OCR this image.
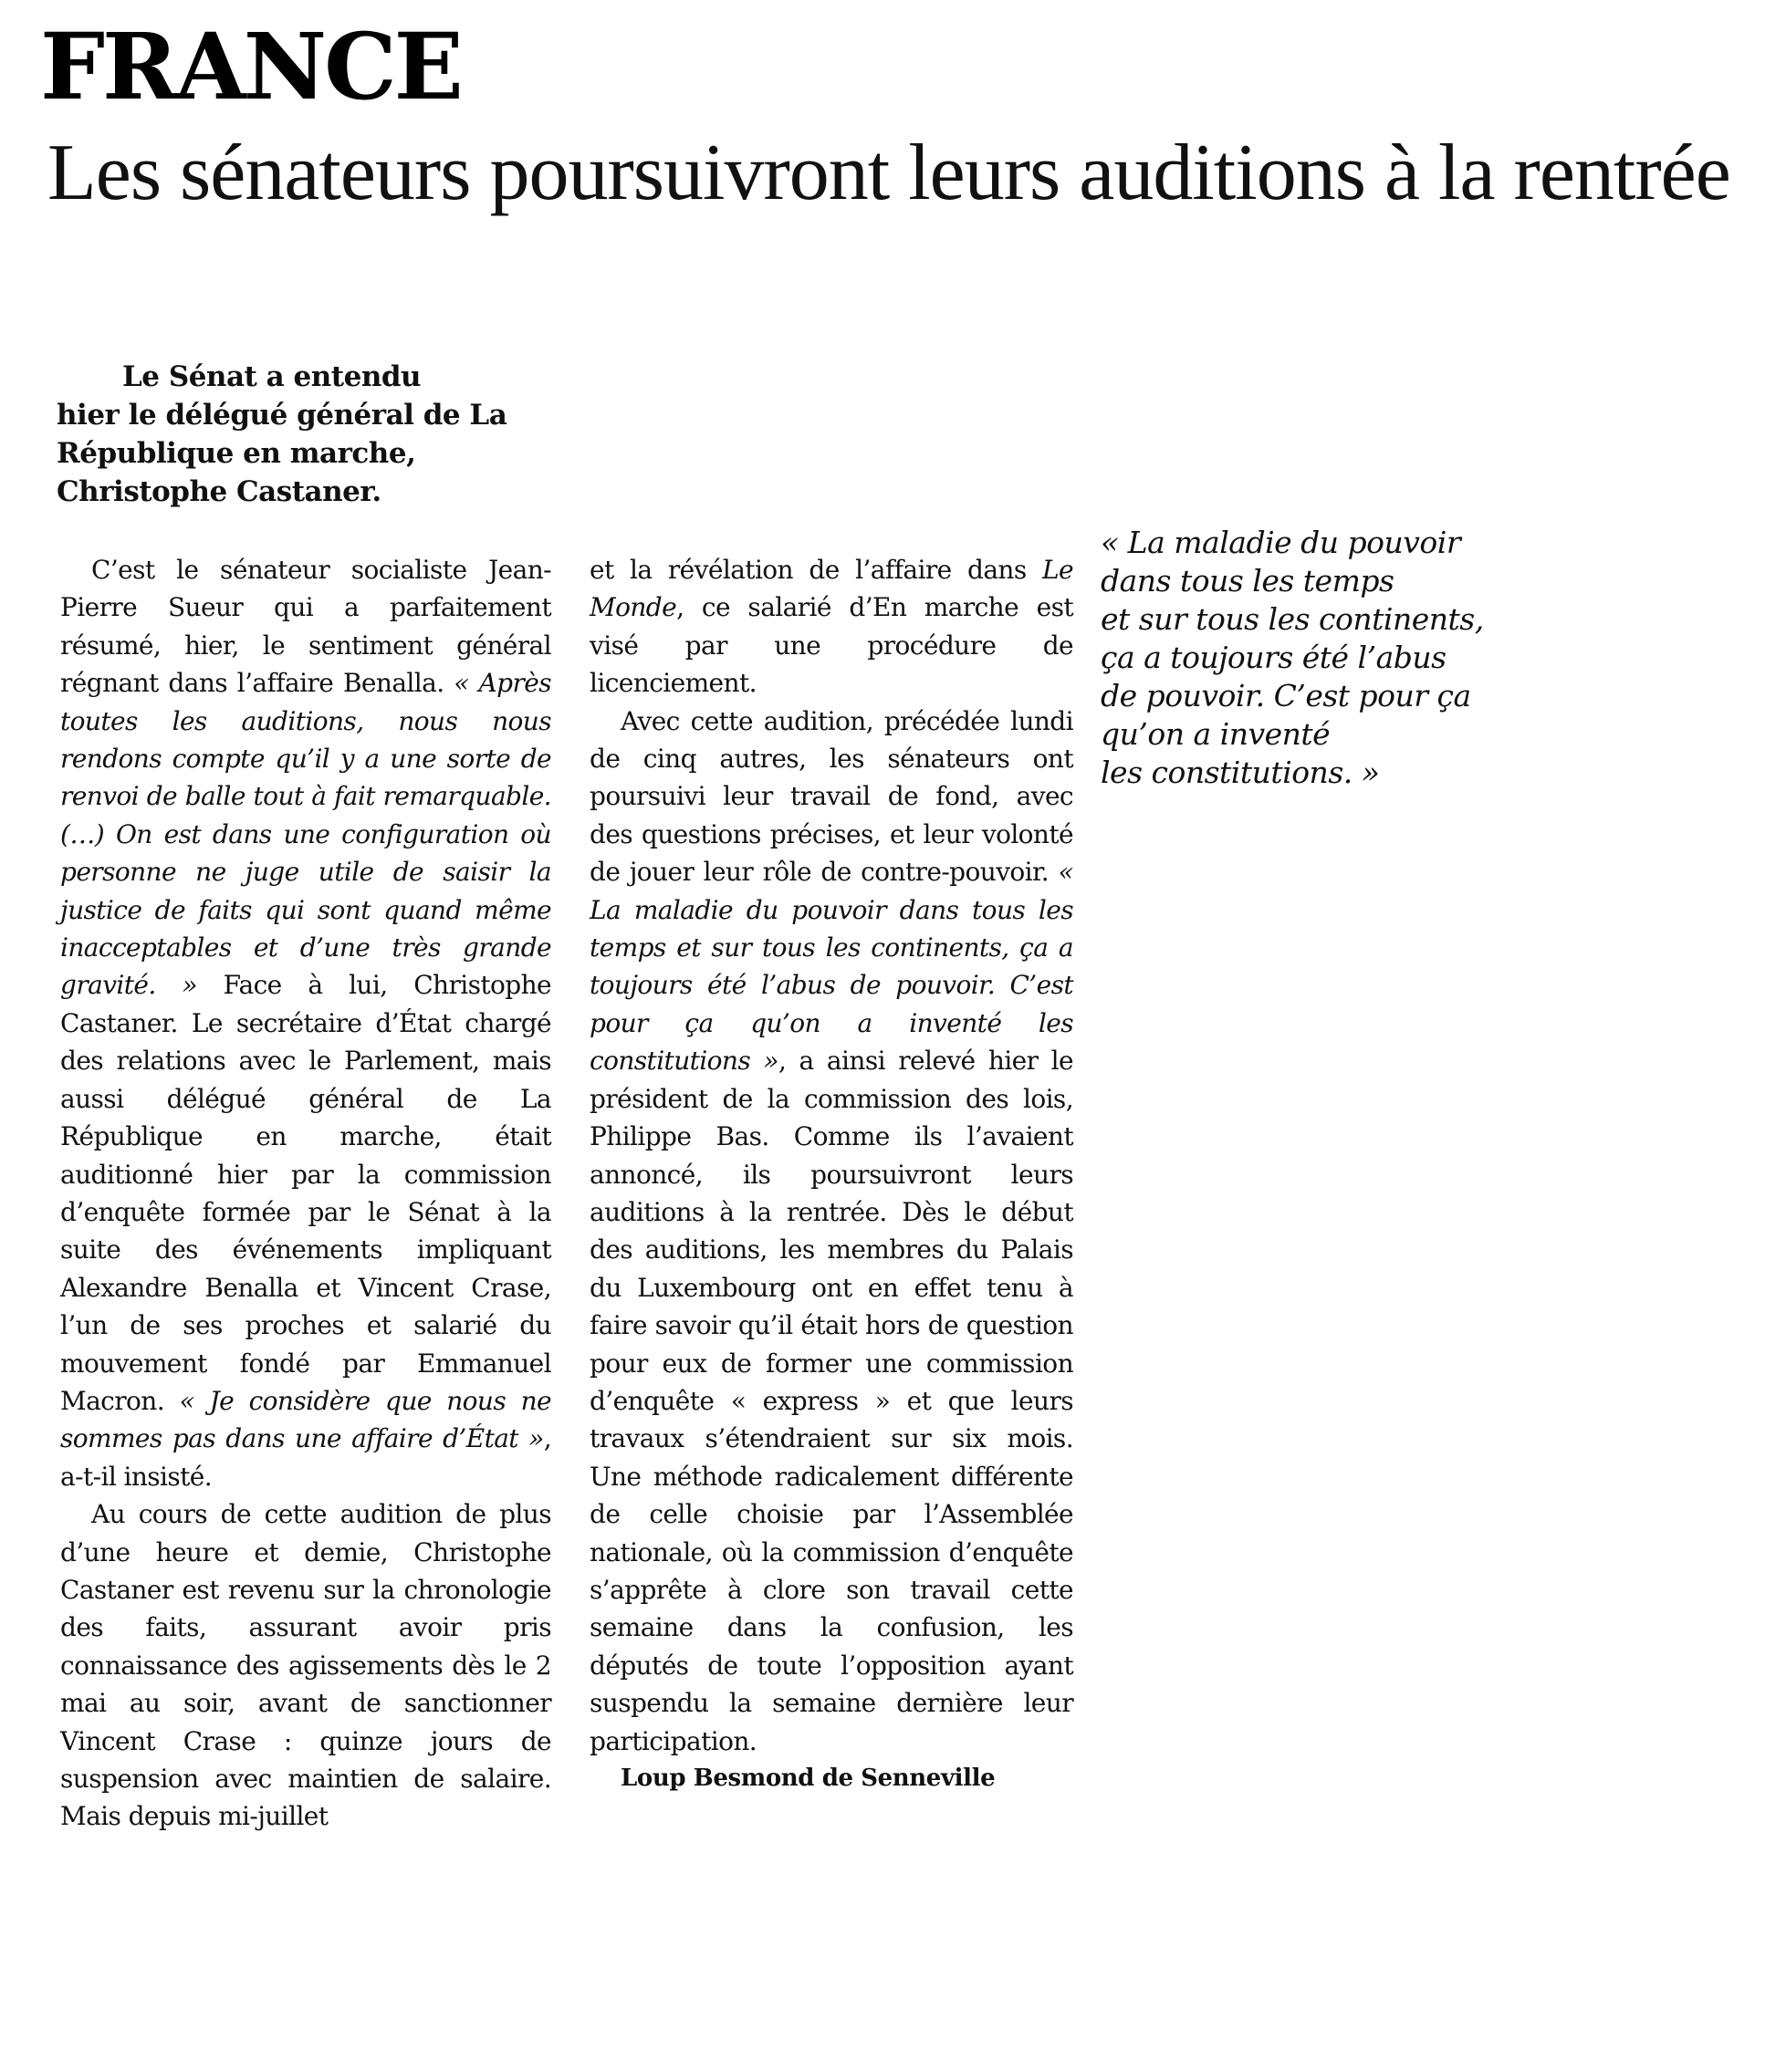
FRANCE
Les sénateurs poursuivront leurs auditions à la rentrée

Le Sénat a entendu
hier le délégué général de La République en marche, Christophe Castaner.

C’est le sénateur socialiste Jean-Pierre Sueur qui a parfaitement résumé, hier, le sentiment général régnant dans l’affaire Benalla. « Après toutes les auditions, nous nous rendons compte qu’il y a une sorte de renvoi de balle tout à fait remarquable. (…) On est dans une configuration où personne ne juge utile de saisir la justice de faits qui sont quand même inacceptables et d’une très grande gravité. » Face à lui, Christophe Castaner. Le secrétaire d’État chargé des relations avec le Parlement, mais aussi délégué général de La République en marche, était auditionné hier par la commission d’enquête formée par le Sénat à la suite des événements impliquant Alexandre Benalla et Vincent Crase, l’un de ses proches et salarié du mouvement fondé par Emmanuel Macron. « Je considère que nous ne sommes pas dans une affaire d’État », a-t-il insisté.

Au cours de cette audition de plus d’une heure et demie, Christophe Castaner est revenu sur la chronologie des faits, assurant avoir pris connaissance des agissements dès le 2 mai au soir, avant de sanctionner Vincent Crase : quinze jours de suspension avec maintien de salaire. Mais depuis mi-juillet

et la révélation de l’affaire dans Le Monde, ce salarié d’En marche est visé par une procédure de licenciement.

Avec cette audition, précédée lundi de cinq autres, les sénateurs ont poursuivi leur travail de fond, avec des questions précises, et leur volonté de jouer leur rôle de contre-pouvoir. « La maladie du pouvoir dans tous les temps et sur tous les continents, ça a toujours été l’abus de pouvoir. C’est pour ça qu’on a inventé les constitutions », a ainsi relevé hier le président de la commission des lois, Philippe Bas. Comme ils l’avaient annoncé, ils poursuivront leurs auditions à la rentrée. Dès le début des auditions, les membres du Palais du Luxembourg ont en effet tenu à faire savoir qu’il était hors de question pour eux de former une commission d’enquête « express » et que leurs travaux s’étendraient sur six mois. Une méthode radicalement différente de celle choisie par l’Assemblée nationale, où la commission d’enquête s’apprête à clore son travail cette semaine dans la confusion, les députés de toute l’opposition ayant suspendu la semaine dernière leur participation.

Loup Besmond de Senneville

« La maladie du pouvoir
dans tous les temps
et sur tous les continents,
ça a toujours été l’abus
de pouvoir. C’est pour ça
qu’on a inventé
les constitutions. »
